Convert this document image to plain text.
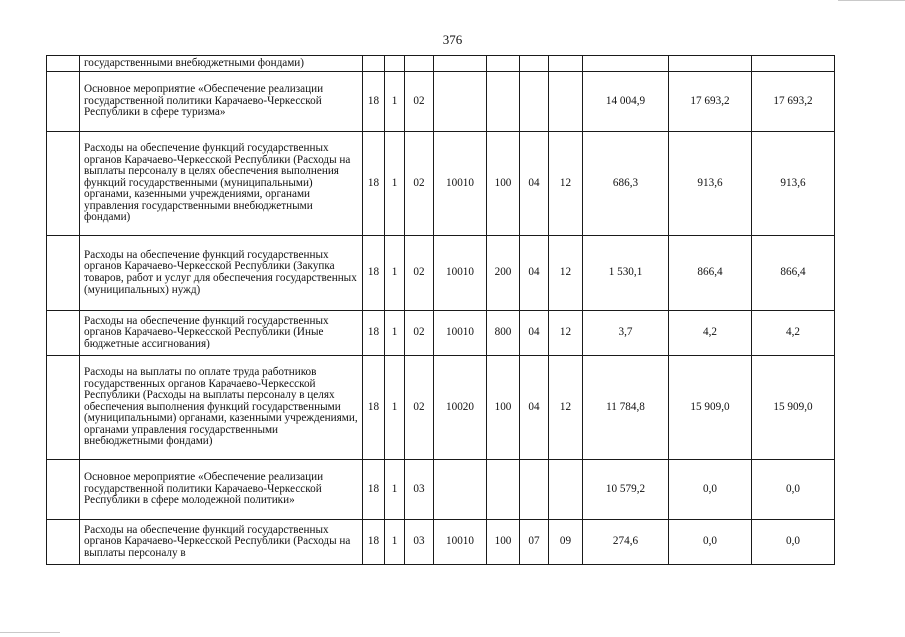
376
	государственными внебюджетными фондами)										
	Основное мероприятие «Обеспечение реализации государственной политики Карачаево-Черкесской Республики в сфере туризма»	18	1	02					14 004,9	17 693,2	17 693,2
	Расходы на обеспечение функций государственных органов Карачаево-Черкесской Республики (Расходы на выплаты персоналу в целях обеспечения выполнения функций государственными (муниципальными) органами, казенными учреждениями, органами управления государственными внебюджетными фондами)	18	1	02	10010	100	04	12	686,3	913,6	913,6
	Расходы на обеспечение функций государственных органов Карачаево-Черкесской Республики (Закупка товаров, работ и услуг для обеспечения государственных (муниципальных) нужд)	18	1	02	10010	200	04	12	1 530,1	866,4	866,4
	Расходы на обеспечение функций государственных органов Карачаево-Черкесской Республики (Иные бюджетные ассигнования)	18	1	02	10010	800	04	12	3,7	4,2	4,2
	Расходы на выплаты по оплате труда работников государственных органов Карачаево-Черкесской Республики (Расходы на выплаты персоналу в целях обеспечения выполнения функций государственными (муниципальными) органами, казенными учреждениями, органами управления государственными внебюджетными фондами)	18	1	02	10020	100	04	12	11 784,8	15 909,0	15 909,0
	Основное мероприятие «Обеспечение реализации государственной политики Карачаево-Черкесской Республики в сфере молодежной политики»	18	1	03					10 579,2	0,0	0,0
	Расходы на обеспечение функций государственных органов Карачаево-Черкесской Республики (Расходы на выплаты персоналу в	18	1	03	10010	100	07	09	274,6	0,0	0,0
